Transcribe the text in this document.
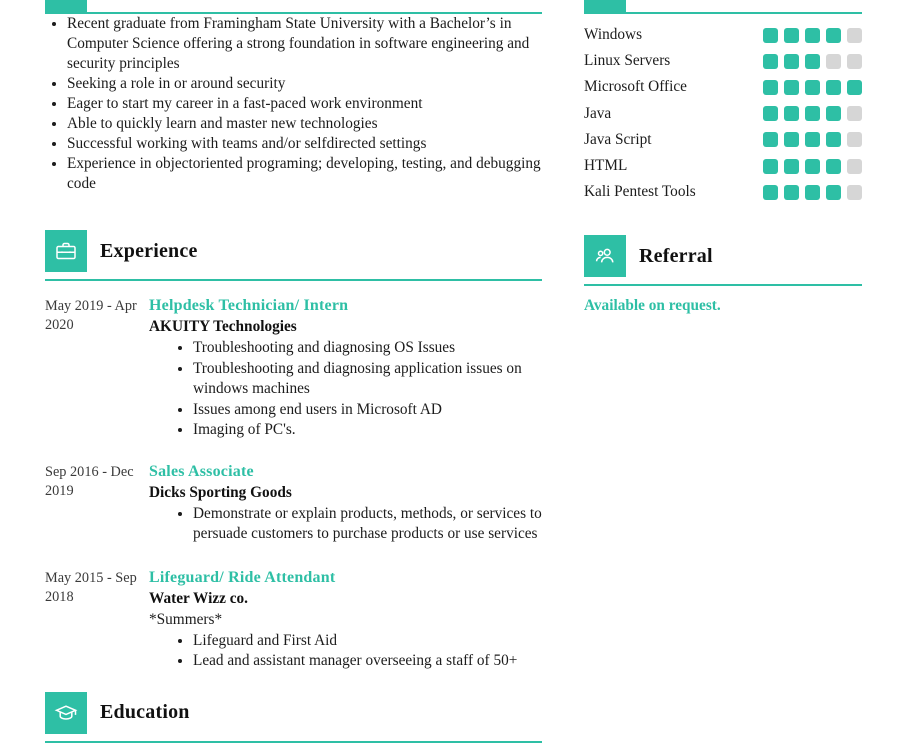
Recent graduate from Framingham State University with a Bachelor’s in Computer Science offering a strong foundation in software engineering and security principles
Seeking a role in or around security
Eager to start my career in a fast-paced work environment
Able to quickly learn and master new technologies
Successful working with teams and/or selfdirected settings
Experience in objectoriented programing; developing, testing, and debugging code
Experience
May 2019 - Apr 2020
Helpdesk Technician/ Intern
AKUITY Technologies
Troubleshooting and diagnosing OS Issues
Troubleshooting and diagnosing application issues on windows machines
Issues among end users in Microsoft AD
Imaging of PC's.
Sep 2016 - Dec 2019
Sales Associate
Dicks Sporting Goods
Demonstrate or explain products, methods, or services to persuade customers to purchase products or use services
May 2015 - Sep 2018
Lifeguard/ Ride Attendant
Water Wizz co.
*Summers*
Lifeguard and First Aid
Lead and assistant manager overseeing a staff of 50+
Education
Windows
Linux Servers
Microsoft Office
Java
Java Script
HTML
Kali Pentest Tools
Referral
Available on request.
